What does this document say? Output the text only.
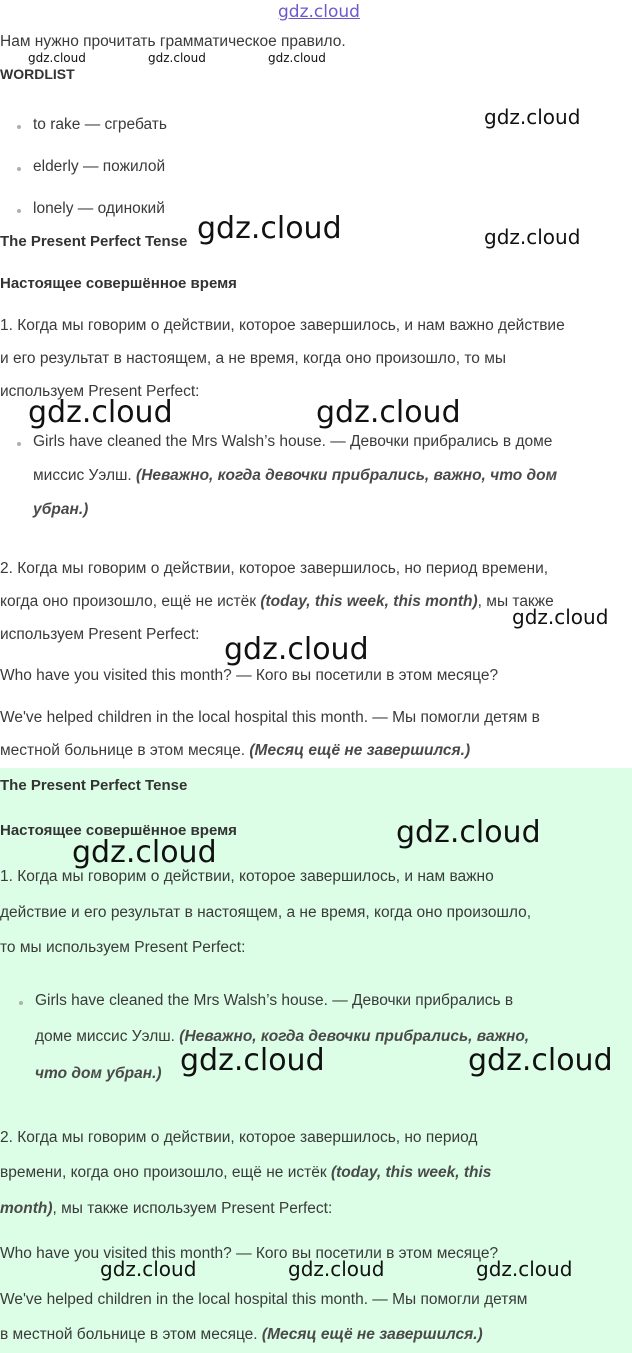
gdz.cloud
Нам нужно прочитать грамматическое правило.
WORDLIST
to rake — сгребать
elderly — пожилой
lonely — одинокий
The Present Perfect Tense
Настоящее совершённое время
1. Когда мы говорим о действии, которое завершилось, и нам важно действие
и его результат в настоящем, а не время, когда оно произошло, то мы
используем Present Perfect:
Girls have cleaned the Mrs Walsh’s house. — Девочки прибрались в доме
миссис Уэлш. (Неважно, когда девочки прибрались, важно, что дом
убран.)
2. Когда мы говорим о действии, которое завершилось, но период времени,
когда оно произошло, ещё не истёк (today, this week, this month), мы также
используем Present Perfect:
Who have you visited this month? — Кого вы посетили в этом месяце?
We've helped children in the local hospital this month. — Мы помогли детям в
местной больнице в этом месяце. (Месяц ещё не завершился.)
The Present Perfect Tense
Настоящее совершённое время
1. Когда мы говорим о действии, которое завершилось, и нам важно
действие и его результат в настоящем, а не время, когда оно произошло,
то мы используем Present Perfect:
Girls have cleaned the Mrs Walsh’s house. — Девочки прибрались в
доме миссис Уэлш. (Неважно, когда девочки прибрались, важно,
что дом убран.)
2. Когда мы говорим о действии, которое завершилось, но период
времени, когда оно произошло, ещё не истёк (today, this week, this
month), мы также используем Present Perfect:
Who have you visited this month? — Кого вы посетили в этом месяце?
We've helped children in the local hospital this month. — Мы помогли детям
в местной больнице в этом месяце. (Месяц ещё не завершился.)
gdz.cloud	gdz.cloud	gdz.cloud
gdz.cloud
gdz.cloud	gdz.cloud
gdz.cloud	gdz.cloud
gdz.cloud
gdz.cloud
gdz.cloud
gdz.cloud
gdz.cloud	gdz.cloud
gdz.cloud	gdz.cloud	gdz.cloud
